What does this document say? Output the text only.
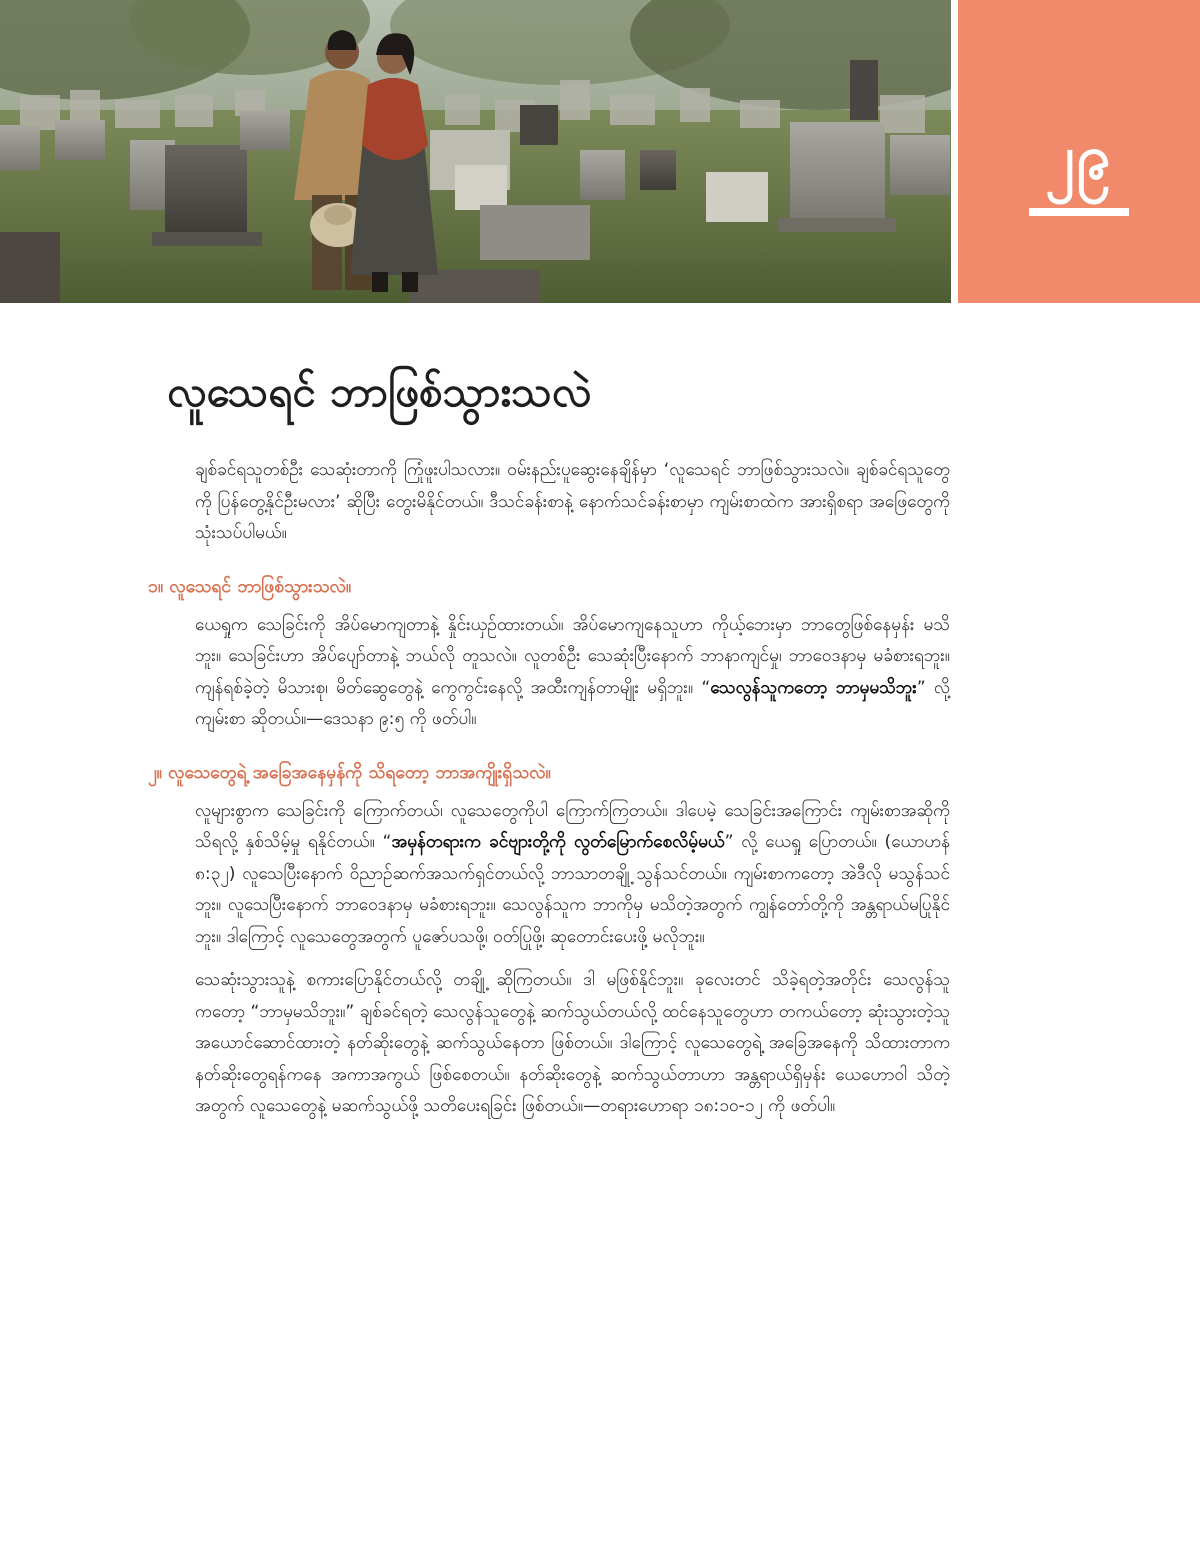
၂၉
လူသေရင် ဘာဖြစ်သွားသလဲ

ချစ်ခင်ရသူတစ်ဦး သေဆုံးတာကို ကြုံဖူးပါသလား။ ဝမ်းနည်းပူဆွေးနေချိန်မှာ ‘လူသေရင် ဘာဖြစ်သွားသလဲ။ ချစ်ခင်ရသူတွေကို ပြန်တွေ့နိုင်ဦးမလား’ ဆိုပြီး တွေးမိနိုင်တယ်။ ဒီသင်ခန်းစာနဲ့ နောက်သင်ခန်းစာမှာ ကျမ်းစာထဲက အားရှိစရာ အဖြေတွေကို သုံးသပ်ပါမယ်။

၁။ လူသေရင် ဘာဖြစ်သွားသလဲ။

ယေရှုက သေခြင်းကို အိပ်မောကျတာနဲ့ နှိုင်းယှဉ်ထားတယ်။ အိပ်မောကျနေသူဟာ ကိုယ့်ဘေးမှာ ဘာတွေဖြစ်နေမှန်း မသိဘူး။ သေခြင်းဟာ အိပ်ပျော်တာနဲ့ ဘယ်လို တူသလဲ။ လူတစ်ဦး သေဆုံးပြီးနောက် ဘာနာကျင်မှု၊ ဘာဝေဒနာမှ မခံစားရဘူး။ ကျန်ရစ်ခဲ့တဲ့ မိသားစု၊ မိတ်ဆွေတွေနဲ့ ကွေကွင်းနေလို့ အထီးကျန်တာမျိုး မရှိဘူး။ “သေလွန်သူကတော့ ဘာမှမသိဘူး” လို့ ကျမ်းစာ ဆိုတယ်။—ဒေသနာ ၉:၅ ကို ဖတ်ပါ။

၂။ လူသေတွေရဲ့ အခြေအနေမှန်ကို သိရတော့ ဘာအကျိုးရှိသလဲ။

လူများစွာက သေခြင်းကို ကြောက်တယ်၊ လူသေတွေကိုပါ ကြောက်ကြတယ်။ ဒါပေမဲ့ သေခြင်းအကြောင်း ကျမ်းစာအဆိုကို သိရလို့ နှစ်သိမ့်မှု ရနိုင်တယ်။ “အမှန်တရားက ခင်ဗျားတို့ကို လွတ်မြောက်စေလိမ့်မယ်” လို့ ယေရှု ပြောတယ်။ (ယောဟန် ၈:၃၂) လူသေပြီးနောက် ဝိညာဉ်ဆက်အသက်ရှင်တယ်လို့ ဘာသာတချို့ သွန်သင်တယ်။ ကျမ်းစာကတော့ အဲဒီလို မသွန်သင်ဘူး။ လူသေပြီးနောက် ဘာဝေဒနာမှ မခံစားရဘူး။ သေလွန်သူက ဘာကိုမှ မသိတဲ့အတွက် ကျွန်တော်တို့ကို အန္တရာယ်မပြုနိုင်ဘူး။ ဒါကြောင့် လူသေတွေအတွက် ပူဇော်ပသဖို့၊ ဝတ်ပြုဖို့၊ ဆုတောင်းပေးဖို့ မလိုဘူး။

သေဆုံးသွားသူနဲ့ စကားပြောနိုင်တယ်လို့ တချို့ ဆိုကြတယ်။ ဒါ မဖြစ်နိုင်ဘူး။ ခုလေးတင် သိခဲ့ရတဲ့အတိုင်း သေလွန်သူကတော့ “ဘာမှမသိဘူး။” ချစ်ခင်ရတဲ့ သေလွန်သူတွေနဲ့ ဆက်သွယ်တယ်လို့ ထင်နေသူတွေဟာ တကယ်တော့ ဆုံးသွားတဲ့သူ အယောင်ဆောင်ထားတဲ့ နတ်ဆိုးတွေနဲ့ ဆက်သွယ်နေတာ ဖြစ်တယ်။ ဒါကြောင့် လူသေတွေရဲ့ အခြေအနေကို သိထားတာက နတ်ဆိုးတွေရန်ကနေ အကာအကွယ် ဖြစ်စေတယ်။ နတ်ဆိုးတွေနဲ့ ဆက်သွယ်တာဟာ အန္တရာယ်ရှိမှန်း ယေဟောဝါ သိတဲ့အတွက် လူသေတွေနဲ့ မဆက်သွယ်ဖို့ သတိပေးရခြင်း ဖြစ်တယ်။—တရားဟောရာ ၁၈:၁၀-၁၂ ကို ဖတ်ပါ။
